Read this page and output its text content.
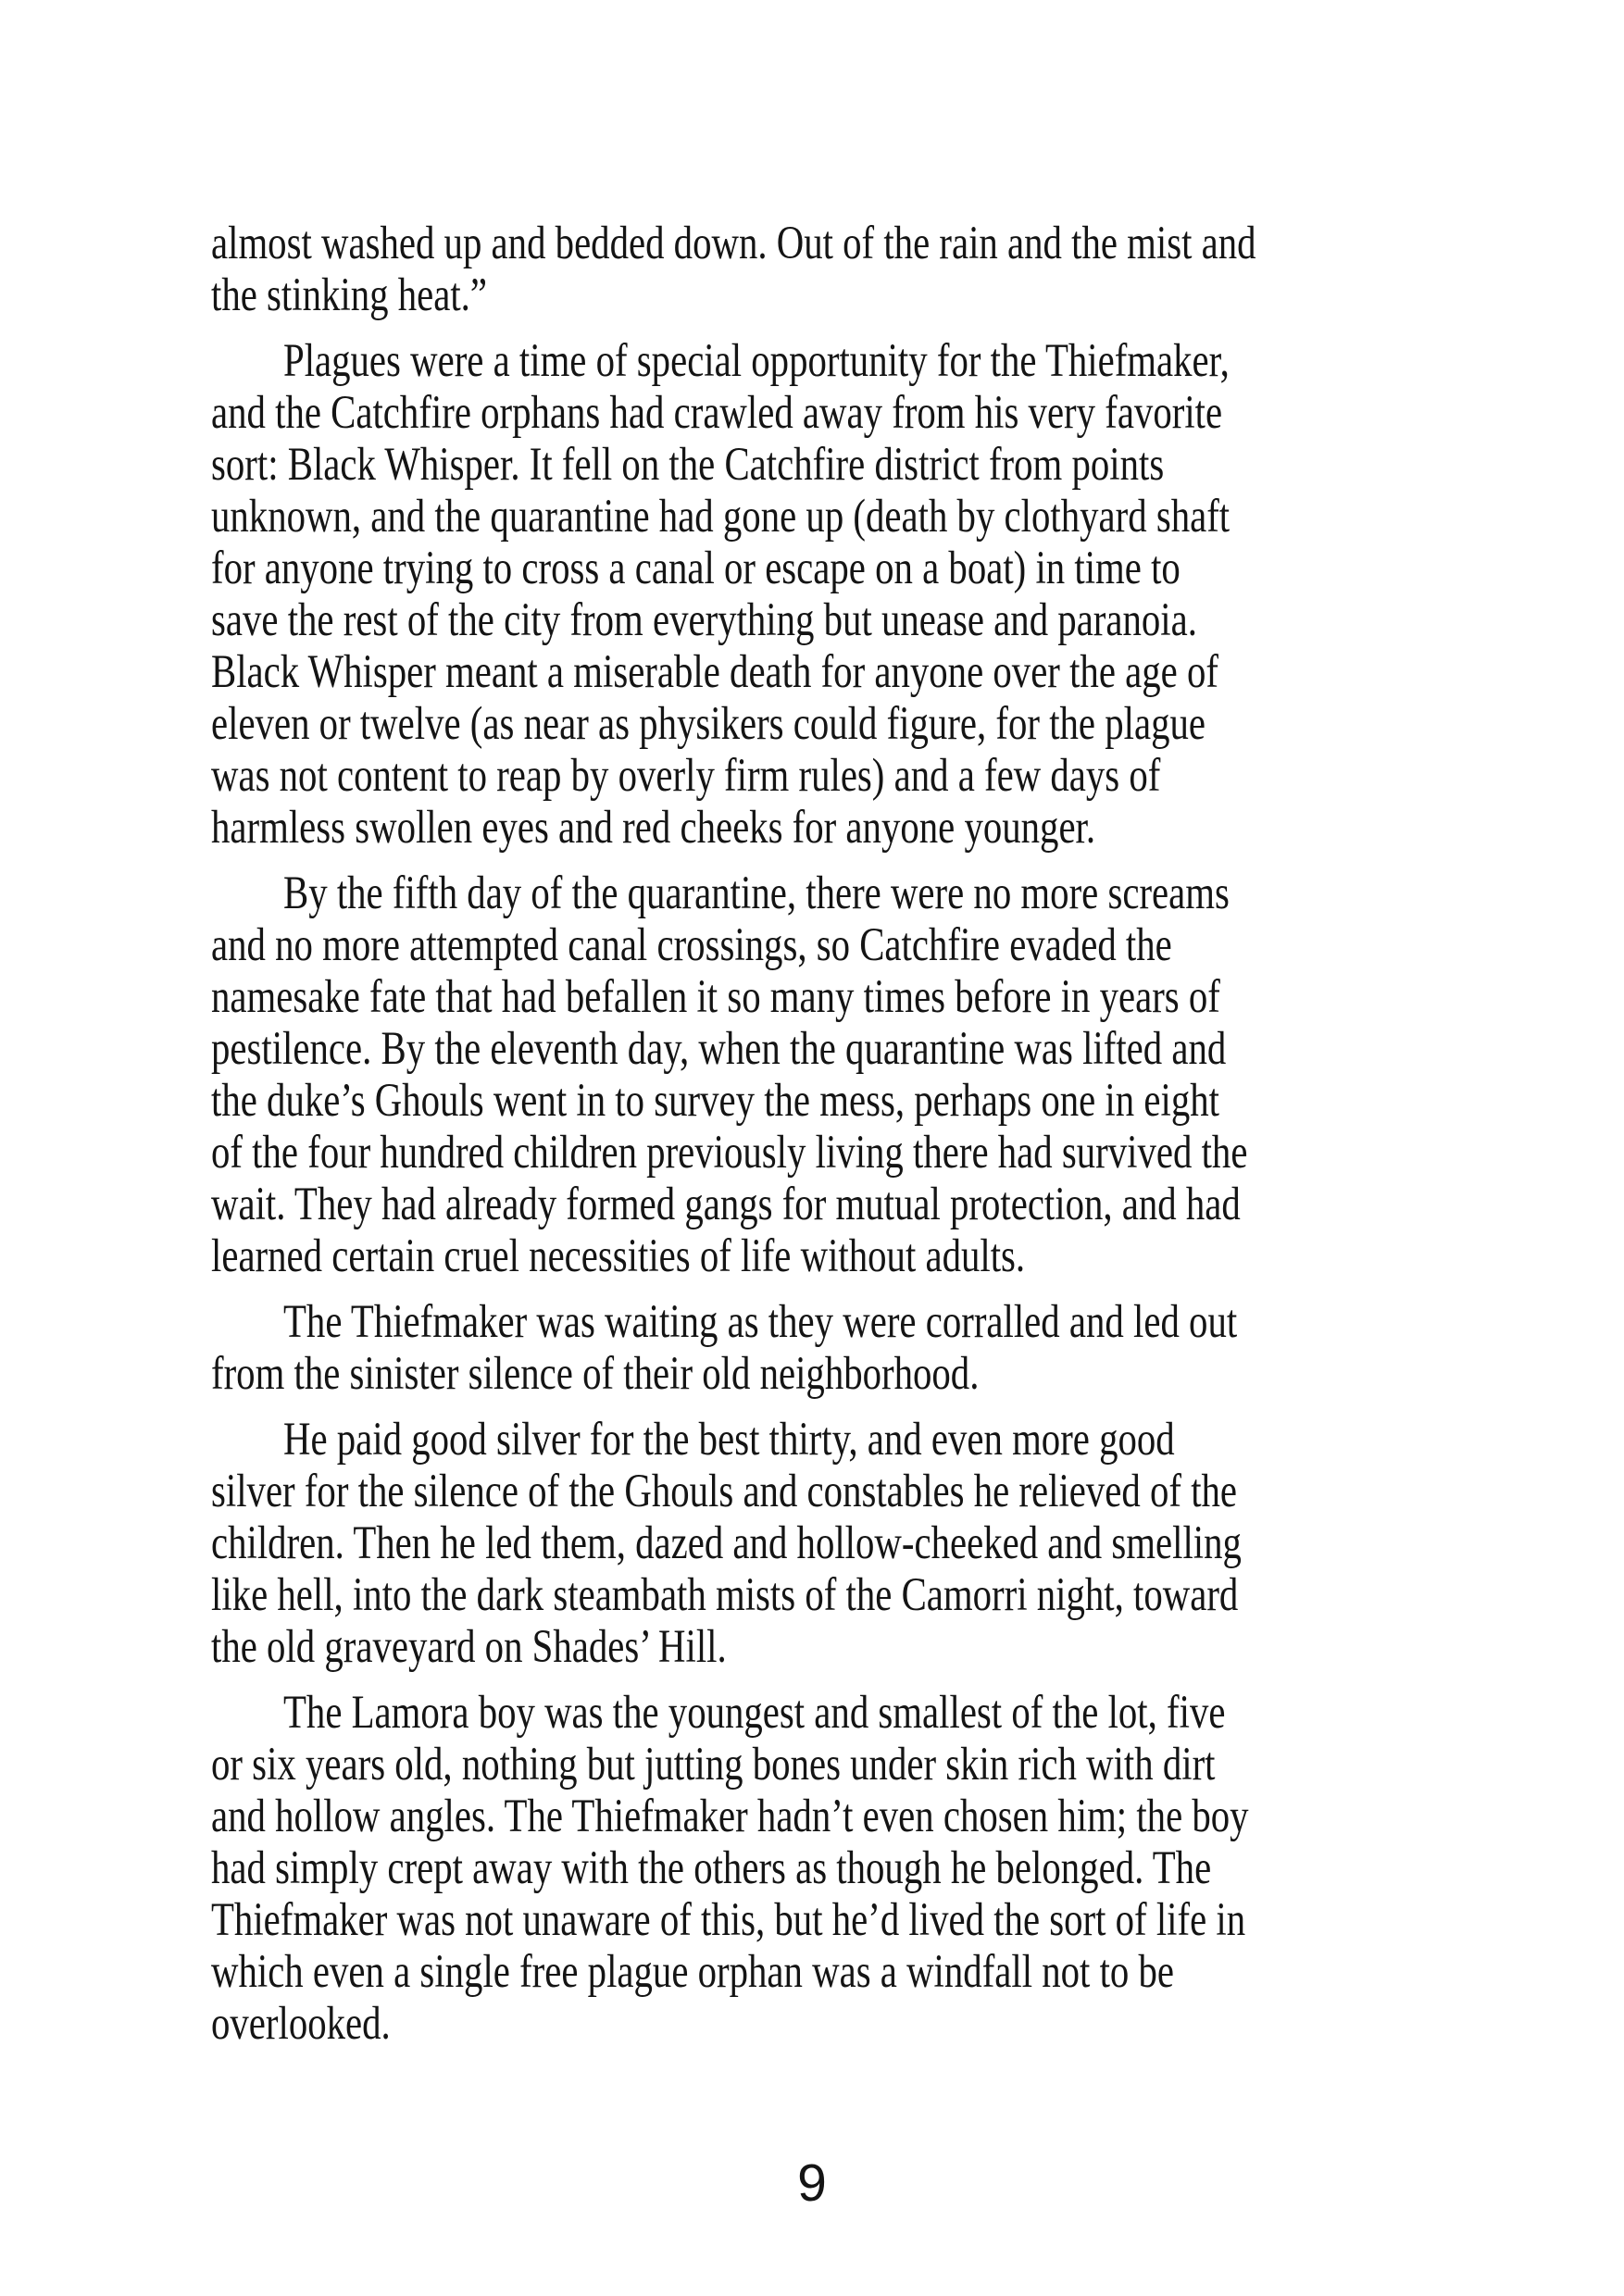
almost washed up and bedded down. Out of the rain and the mist and
the stinking heat.”

Plagues were a time of special opportunity for the Thiefmaker,
and the Catchfire orphans had crawled away from his very favorite
sort: Black Whisper. It fell on the Catchfire district from points
unknown, and the quarantine had gone up (death by clothyard shaft
for anyone trying to cross a canal or escape on a boat) in time to
save the rest of the city from everything but unease and paranoia.
Black Whisper meant a miserable death for anyone over the age of
eleven or twelve (as near as physikers could figure, for the plague
was not content to reap by overly firm rules) and a few days of
harmless swollen eyes and red cheeks for anyone younger.

By the fifth day of the quarantine, there were no more screams
and no more attempted canal crossings, so Catchfire evaded the
namesake fate that had befallen it so many times before in years of
pestilence. By the eleventh day, when the quarantine was lifted and
the duke’s Ghouls went in to survey the mess, perhaps one in eight
of the four hundred children previously living there had survived the
wait. They had already formed gangs for mutual protection, and had
learned certain cruel necessities of life without adults.

The Thiefmaker was waiting as they were corralled and led out
from the sinister silence of their old neighborhood.

He paid good silver for the best thirty, and even more good
silver for the silence of the Ghouls and constables he relieved of the
children. Then he led them, dazed and hollow-cheeked and smelling
like hell, into the dark steambath mists of the Camorri night, toward
the old graveyard on Shades’ Hill.

The Lamora boy was the youngest and smallest of the lot, five
or six years old, nothing but jutting bones under skin rich with dirt
and hollow angles. The Thiefmaker hadn’t even chosen him; the boy
had simply crept away with the others as though he belonged. The
Thiefmaker was not unaware of this, but he’d lived the sort of life in
which even a single free plague orphan was a windfall not to be
overlooked.

9
